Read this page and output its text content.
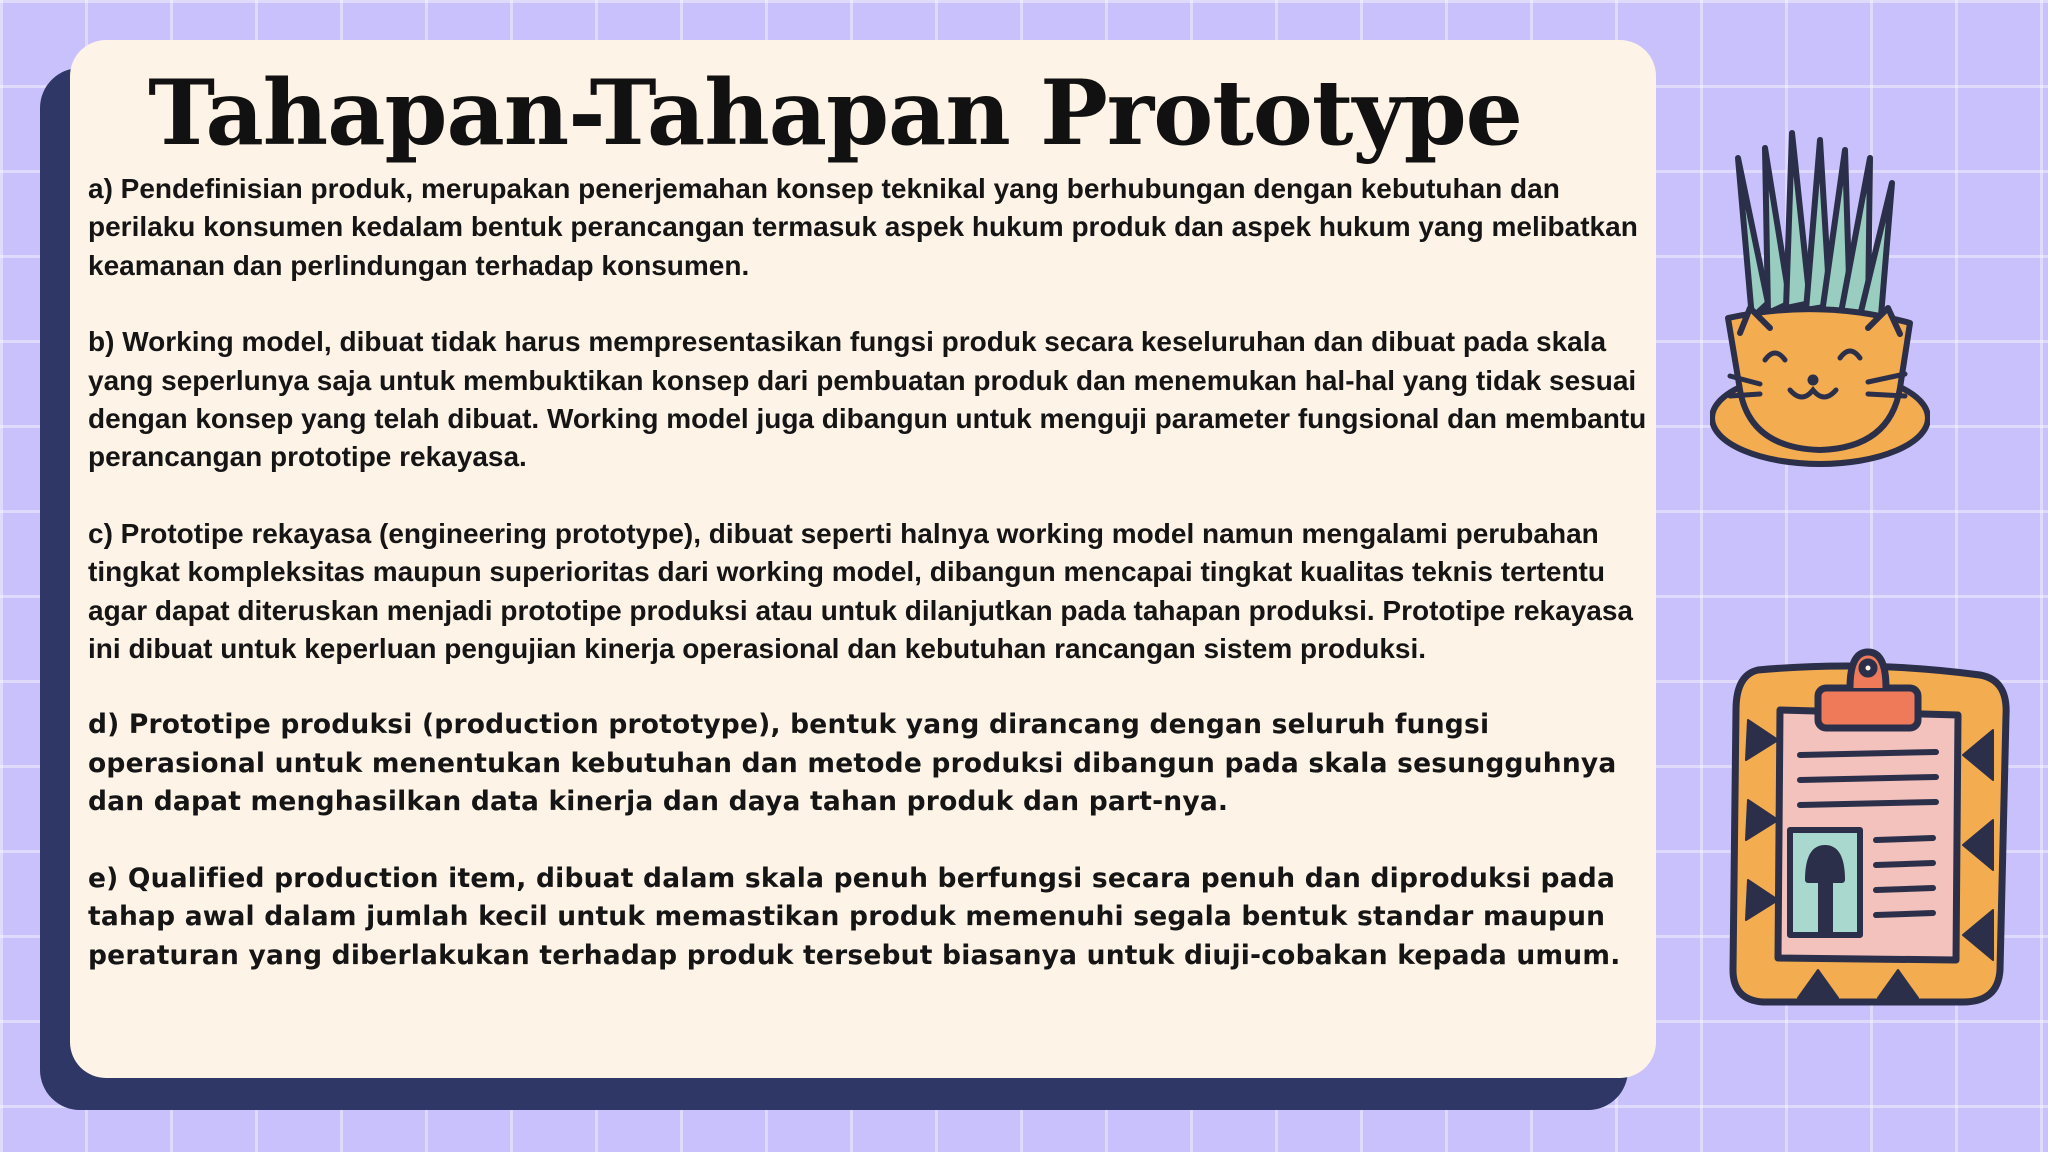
Tahapan-Tahapan Prototype

a) Pendefinisian produk, merupakan penerjemahan konsep teknikal yang berhubungan dengan kebutuhan dan perilaku konsumen kedalam bentuk perancangan termasuk aspek hukum produk dan aspek hukum yang melibatkan keamanan dan perlindungan terhadap konsumen.

b) Working model, dibuat tidak harus mempresentasikan fungsi produk secara keseluruhan dan dibuat pada skala yang seperlunya saja untuk membuktikan konsep dari pembuatan produk dan menemukan hal-hal yang tidak sesuai dengan konsep yang telah dibuat. Working model juga dibangun untuk menguji parameter fungsional dan membantu perancangan prototipe rekayasa.

c) Prototipe rekayasa (engineering prototype), dibuat seperti halnya working model namun mengalami perubahan tingkat kompleksitas maupun superioritas dari working model, dibangun mencapai tingkat kualitas teknis tertentu agar dapat diteruskan menjadi prototipe produksi atau untuk dilanjutkan pada tahapan produksi. Prototipe rekayasa ini dibuat untuk keperluan pengujian kinerja operasional dan kebutuhan rancangan sistem produksi.

d) Prototipe produksi (production prototype), bentuk yang dirancang dengan seluruh fungsi operasional untuk menentukan kebutuhan dan metode produksi dibangun pada skala sesungguhnya dan dapat menghasilkan data kinerja dan daya tahan produk dan part-nya.

e) Qualified production item, dibuat dalam skala penuh berfungsi secara penuh dan diproduksi pada tahap awal dalam jumlah kecil untuk memastikan produk memenuhi segala bentuk standar maupun peraturan yang diberlakukan terhadap produk tersebut biasanya untuk diuji-cobakan kepada umum.
